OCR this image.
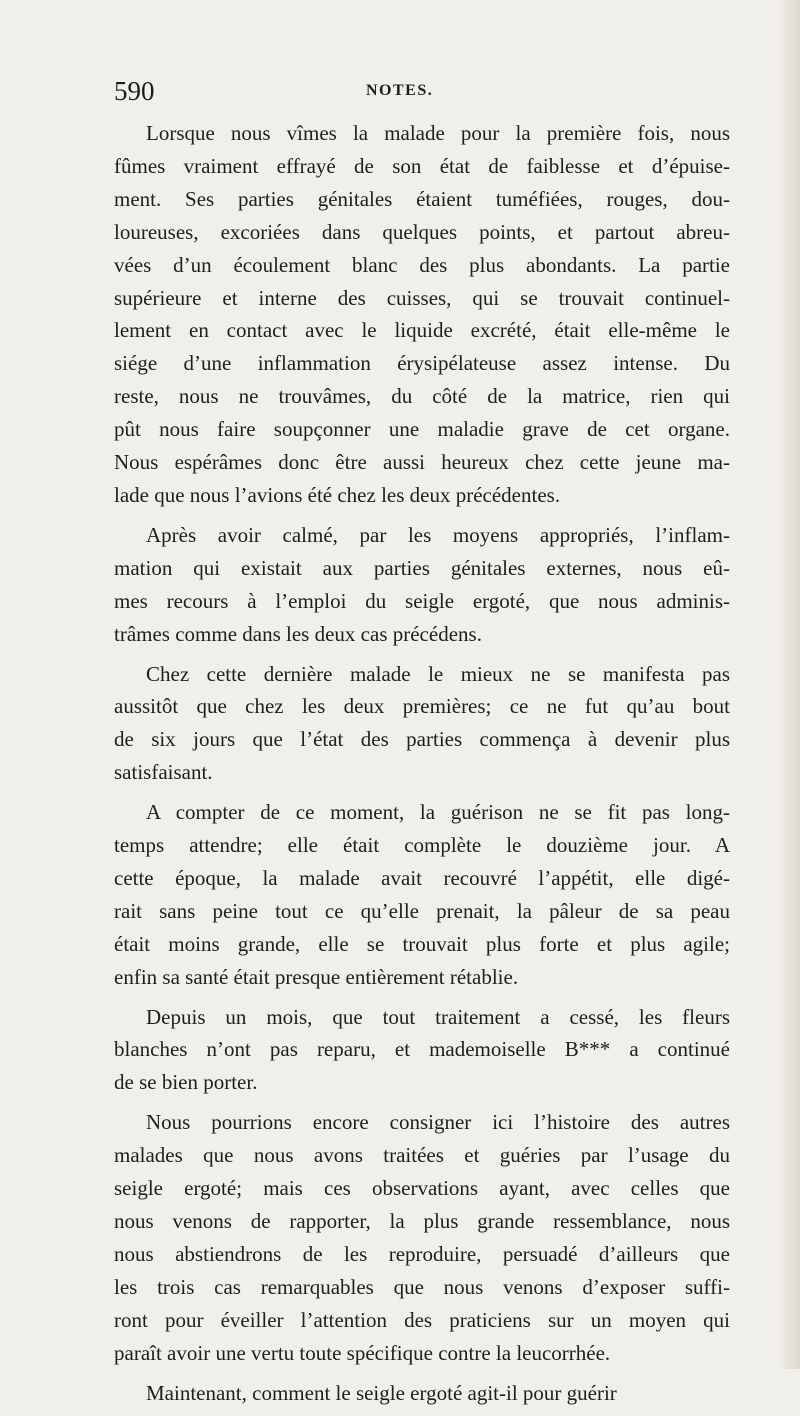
590	NOTES.
Lorsque nous vîmes la malade pour la première fois, nous
fûmes vraiment effrayé de son état de faiblesse et d’épuise-
ment. Ses parties génitales étaient tuméfiées, rouges, dou-
loureuses, excoriées dans quelques points, et partout abreu-
vées d’un écoulement blanc des plus abondants. La partie
supérieure et interne des cuisses, qui se trouvait continuel-
lement en contact avec le liquide excrété, était elle-même le
siége d’une inflammation érysipélateuse assez intense. Du
reste, nous ne trouvâmes, du côté de la matrice, rien qui
pût nous faire soupçonner une maladie grave de cet organe.
Nous espérâmes donc être aussi heureux chez cette jeune ma-
lade que nous l’avions été chez les deux précédentes.
Après avoir calmé, par les moyens appropriés, l’inflam-
mation qui existait aux parties génitales externes, nous eû-
mes recours à l’emploi du seigle ergoté, que nous adminis-
trâmes comme dans les deux cas précédens.
Chez cette dernière malade le mieux ne se manifesta pas
aussitôt que chez les deux premières; ce ne fut qu’au bout
de six jours que l’état des parties commença à devenir plus
satisfaisant.
A compter de ce moment, la guérison ne se fit pas long-
temps attendre; elle était complète le douzième jour. A
cette époque, la malade avait recouvré l’appétit, elle digé-
rait sans peine tout ce qu’elle prenait, la pâleur de sa peau
était moins grande, elle se trouvait plus forte et plus agile;
enfin sa santé était presque entièrement rétablie.
Depuis un mois, que tout traitement a cessé, les fleurs
blanches n’ont pas reparu, et mademoiselle B*** a continué
de se bien porter.
Nous pourrions encore consigner ici l’histoire des autres
malades que nous avons traitées et guéries par l’usage du
seigle ergoté; mais ces observations ayant, avec celles que
nous venons de rapporter, la plus grande ressemblance, nous
nous abstiendrons de les reproduire, persuadé d’ailleurs que
les trois cas remarquables que nous venons d’exposer suffi-
ront pour éveiller l’attention des praticiens sur un moyen qui
paraît avoir une vertu toute spécifique contre la leucorrhée.
Maintenant, comment le seigle ergoté agit-il pour guérir
